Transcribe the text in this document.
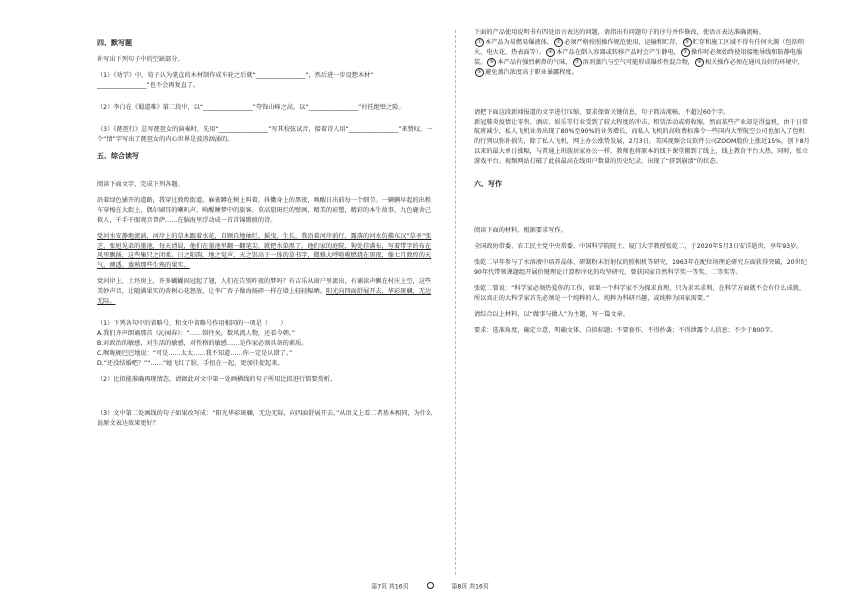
四、默写题

补写出下列句子中的空缺部分。

（1）《劝学》中，荀子认为笔直的木材制作成车轮之后就“________________”，然后进一步设想木材“
________________”也不会再复直了。

（2）李白在《蜀道难》第二段中，以“________________”夸饰山峰之高，以“________________”衬托绝壁之险。

（3）《琵琶行》总写琵琶女的演奏时，先用“________________”写其校弦试音，接着诗人用“________________”来赞叹，一个“情”字写出了琵琶女的内心世界是波涛汹涌的。

五、综合读写

阅读下面文字，完成下列各题。

沿着绿色铺开的道路，我穿过敦煌街道。麻雀蹲在树上叫着，抖擞身上的黑夜，唤醒日出前每一个细节。一辆辆早起的出租车穿梭在大街上，偶尔刷耳的喇叭声，唤醒睡梦中的旅客。莫高窟斑烂的壁画，精美的彩塑，精彩的本生故事，九色鹿舍己救人，千手千眼观音普萨……在脑海里浮动成一首首锦缎般的诗。

党河水安静地流淌，河岸上的草木跟着水花，自顾自地抽烂、摇曳、生长，我沿着河岸前行，露落的河水仿佛东汉“草圣”张芝、张旭见弟的墨池，每天清晨，他们在墨池里翻一翻笔尖，就把水染黑了。他们家的庭院，狗处挂满布，写着带字的布在风里飘扬，这些集只之闭柔。日之阳韵、地之觉声、天之崇高于一体的草书字，微雅大呼啦啦燃烧在黑夜，像七月敦煌的天气，澳透、蒸熟那些生熟的果实。

党河岸上，土坯房上，许多蝴蝴固冠起了翅，人们在告别昨夜的梦吗？有吉乐从窗户里流出，有诵读声飘在村庄上空，这些美妙声音，让随满果实的杏树心花怒放，让李广杏子像海扬碎一样在墙上轻轻幅晒。阳光向四面舒展开去，华彩斑斓，无边无际。

（1）下列各句中的省略号，和文中省略号作用相同的一项是（　　）

A.我们齐声朗诵那首《沁园春》：“……惧往矣，数风流人物，还看今朝。”

B.对政治的敏感，对生活的敏感，对性格的敏感……是作家必须具备的素质。

C.喉咙硬巴巴地说：“可是……太太……我不知道……你一定是认错了。”

D.“还没结婚吧？”“……”她飞红了脸，手扭在一起，更加佳促起来。

（2）比拟能准确再现情态，请据此对文中第一处画横线的句子所用比拟进行简要赏析。

（3）文中第二处画线的句子如果改写成：“阳光华彩斑斓，无边无际，向四面舒展开去。”从语义上看二者基本相同，为什么说原文表达效果更好？

下面的产品使用说明书有四处语言表达的问题，请指出有问题句子的序号并作修改，使语言表达准确流畅。

① 本产品为易燃易爆液体， ② 必须严格按照操作规范使用、运输和贮存， ③ 贮存和施工区域不得有任何火源（包括明火、电火花、热表面等）。 ④ 本产品在倒入容器或转移产品时会产生静电， ⑤ 操作时必须始终使用接地导线和防静电服装。 ⑥ 本产品有强烈刺鼻的气味， ⑦ 溶剂蒸汽与空气可能形成爆炸性混合物， ⑧ 相关操作必须在通风良好的环境中，⑨ 避免蒸汽浓度高于职业暴露程度。

请把下面这段新闻报道的文字进行压缩，要求保留关键信息，句子简洁流畅，不超过60个字。

新冠肺炎疫情让零售、酒店、娱乐等行业受到了较大程度的冲击，租赁活动或将收缩，然而某些产业却是得益机，由于日常航班减少，私人飞机业务出现了80%至90%的业务增长，而私人飞机的高收费标准令一些国内大型航空公司也加入了包机的行列以弥补损失，除了私人飞机，网上办公涨势发展，2月3日，美国视频会议软件公司ZOOM股价上涨近15%，创下8月以来的最大单日涨幅，与普通上班族居家办公一样，教师也将原本的线下课堂搬到了线上，线上教育平台大热，同时，张立游戏平台、视频网站打破了此前最高在线用户数量的历史纪录，出现了“挤到崩溃”的状态。

六、写作

阅读下面的材料，根据要求写作。

全国政协常委、农工民主党中央常委、中国科学院院士、厦门大学教授张乾二，于2020年5月3日安详逝世，享年93岁。

张乾二早年参与了水溶液中培养晶体、研制粉末衍射仪的照相机等研究，1963年在配位场理论研究方面获得突破，20世纪90年代带领课题组开展价键理论计算程序化的攻坚研究，曾获国家自然科学奖一等奖、二等奖等。

张乾二曾说：“科学家必须热爱你的工作，如果一个科学家不为探求真理，只为求名求利，在科学方面就不会有什么成就，所以真正的大科学家首先必须是一个纯粹的人，纯粹为科研兴趣，或纯粹为国家需要。”

请综合以上材料，以“做事与做人”为主题，写一篇文章。

要求：选准角度，确定立意，明确文体，自拟标题；不要套作，不得抄袭；不得泄露个人信息；不少于800字。

第7页 共16页	第8页 共16页
